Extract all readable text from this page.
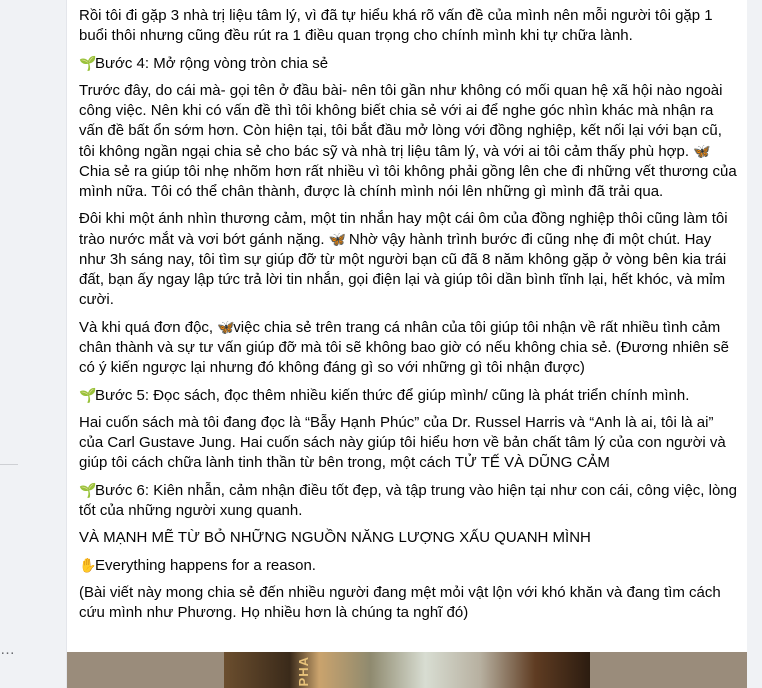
…

Rồi tôi đi gặp 3 nhà trị liệu tâm lý, vì đã tự hiểu khá rõ vấn đề của mình nên mỗi người tôi gặp 1 buổi thôi nhưng cũng đều rút ra 1 điều quan trọng cho chính mình khi tự chữa lành.

🌱Bước 4: Mở rộng vòng tròn chia sẻ

Trước đây, do cái mà- gọi tên ở đầu bài- nên tôi gần như không có mối quan hệ xã hội nào ngoài công việc. Nên khi có vấn đề thì tôi không biết chia sẻ với ai để nghe góc nhìn khác mà nhận ra vấn đề bất ổn sớm hơn. Còn hiện tại, tôi bắt đầu mở lòng với đồng nghiệp, kết nối lại với bạn cũ, tôi không ngần ngại chia sẻ cho bác sỹ và nhà trị liệu tâm lý, và với ai tôi cảm thấy phù hợp. 🦋 Chia sẻ ra giúp tôi nhẹ nhõm hơn rất nhiều vì tôi không phải gồng lên che đi những vết thương của mình nữa. Tôi có thể chân thành, được là chính mình nói lên những gì mình đã trải qua.

Đôi khi một ánh nhìn thương cảm, một tin nhắn hay một cái ôm của đồng nghiệp thôi cũng làm tôi trào nước mắt và vơi bớt gánh nặng. 🦋 Nhờ vậy hành trình bước đi cũng nhẹ đi một chút. Hay như 3h sáng nay, tôi tìm sự giúp đỡ từ một người bạn cũ đã 8 năm không gặp ở vòng bên kia trái đất, bạn ấy ngay lập tức trả lời tin nhắn, gọi điện lại và giúp tôi dần bình tĩnh lại, hết khóc, và mỉm cười.

Và khi quá đơn độc, 🦋việc chia sẻ trên trang cá nhân của tôi giúp tôi nhận về rất nhiều tình cảm chân thành và sự tư vấn giúp đỡ mà tôi sẽ không bao giờ có nếu không chia sẻ. (Đương nhiên sẽ có ý kiến ngược lại nhưng đó không đáng gì so với những gì tôi nhận được)

🌱Bước 5: Đọc sách, đọc thêm nhiều kiến thức để giúp mình/ cũng là phát triển chính mình.

Hai cuốn sách mà tôi đang đọc là “Bẫy Hạnh Phúc” của Dr. Russel Harris và “Anh là ai, tôi là ai” của Carl Gustave Jung. Hai cuốn sách này giúp tôi hiểu hơn về bản chất tâm lý của con người và giúp tôi cách chữa lành tinh thần từ bên trong, một cách TỬ TẾ VÀ DŨNG CẢM

🌱Bước 6: Kiên nhẫn, cảm nhận điều tốt đẹp, và tập trung vào hiện tại như con cái, công việc, lòng tốt của những người xung quanh.

VÀ MẠNH MẼ TỪ BỎ NHỮNG NGUỒN NĂNG LƯỢNG XẤU QUANH MÌNH

✋Everything happens for a reason.

(Bài viết này mong chia sẻ đến nhiều người đang mệt mỏi vật lộn với khó khăn và đang tìm cách cứu mình như Phương. Họ nhiều hơn là chúng ta nghĩ đó)

PHA
